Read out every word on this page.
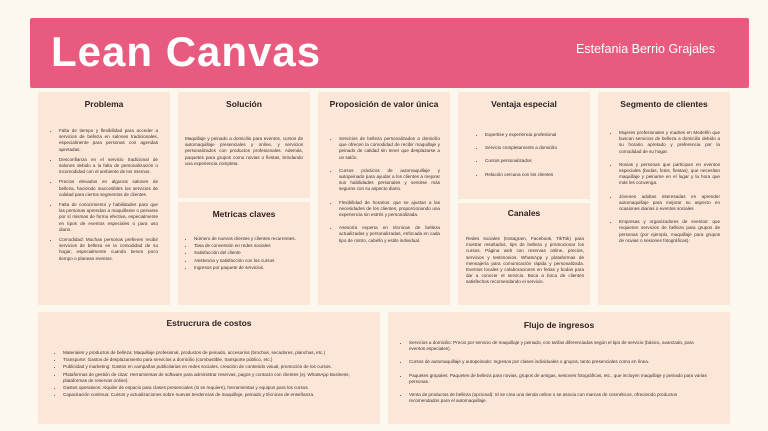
Lean Canvas	Estefania Berrio Grajales
Problema
• Falta de tiempo y flexibilidad para acceder a servicios de belleza en salones tradicionales, especialmente para personas con agendas apretadas.
• Desconfianza en el servicio tradicional de salones debido a la falta de personalización o incomodidad con el ambiente de los mismos.
• Precios elevados en algunos salones de belleza, haciendo inaccesibles los servicios de calidad para ciertos segmentos de clientes.
• Falta de conocimiento y habilidades para que las personas aprendan a maquillarse o peinarse por sí mismas de forma efectiva, especialmente en tipos de eventos especiales o para uso diario.
• Comodidad: Muchas personas prefieren recibir servicios de belleza en la comodidad de su hogar, especialmente cuando tienen poco tiempo o planean eventos.
Solución
Maquillaje y peinado a domicilio para eventos, cursos de automaquillaje presenciales y online, y servicios personalizados con productos profesionales. Además, paquetes para grupos como novias o fiestas, brindando una experiencia completa.
Metricas claves
• Número de nuevos clientes y clientes recurrentes.
• Tasa de conversión en redes sociales
• Satisfacción del cliente
• Asistencia y satisfacción con los cursos
• Ingresos por paquete de servicios.
Proposición de valor única
• Servicios de belleza personalizados a domicilio que ofrecen la comodidad de recibir maquillaje y peinado de calidad sin tener que desplazarse a un salón.
• Cursos prácticos de automaquillaje y autopeinado para ayudar a los clientes a mejorar sus habilidades personales y sentirse más seguros con su aspecto diario.
• Flexibilidad de horarios: que se ajustan a las necesidades de los clientes, proporcionando una experiencia sin estrés y personalizada.
• Asesoría experta en técnicas de belleza actualizadas y personalizadas, enfocada en cada tipo de rostro, cabello y estilo individual.
Ventaja especial
• Expertise y experiencia profesional
• Servicio completamente a domicilio
• Cursos personalizados
• Relación cercana con los clientes
Canales
Redes sociales (Instagram, Facebook, TikTok) para mostrar resultados, tips de belleza y promocionar los cursos. Página web con reservas online, precios, servicios y testimonios. WhatsApp y plataformas de mensajería para comunicación rápida y personalizada. Eventos locales y colaboraciones en ferias y bodas para dar a conocer el servicio. Boca a boca de clientes satisfechos recomendando el servicio.
Segmento de clientes
• Mujeres profesionales y madres en Medellín que buscan servicios de belleza a domicilio debido a su horario apretado y preferencia por la comodidad de su hogar.
• Novias y personas que participan en eventos especiales (bodas, fotos, fiestas), que necesitan maquillaje y peinarse en el lugar y la hora que más les convenga.
• Jóvenes adultas interesadas en aprender automaquillaje para mejorar su aspecto en ocasiones diarias o eventos sociales
• Empresas y organizadores de eventos: que requieren servicios de belleza para grupos de personas (por ejemplo, maquillaje para grupos de novias o sesiones fotográficas).
Estrucrura de costos
• Materiales y productos de belleza: Maquillaje profesional, productos de peinado, accesorios (brochas, secadores, planchas, etc.)
• Transporte: Gastos de desplazamiento para servicios a domicilio (combustible, transporte público, etc.)
• Publicidad y marketing: Gastos en campañas publicitarias en redes sociales, creación de contenido visual, promoción de los cursos.
• Plataformas de gestión de citas: Herramientas de software para administrar reservas, pagos y contacto con clientes (ej. WhatsApp Business, plataformas de reservas online).
• Gastos operativos: Alquiler de espacio para clases presenciales (si se requiere), herramientas y equipos para los cursos.
• Capacitación continua: Cursos y actualizaciones sobre nuevas tendencias de maquillaje, peinado y técnicas de enseñanza.
Flujo de ingresos
• Servicios a domicilio: Precio por servicio de maquillaje y peinado, con tarifas diferenciadas según el tipo de servicio (básico, avanzado, para eventos especiales).
• Cursos de automaquillaje y autopeinado: Ingresos por clases individuales o grupos, tanto presenciales como en línea.
• Paquetes grupales: Paquetes de belleza para novias, grupos de amigas, sesiones fotográficas, etc., que incluyen maquillaje y peinado para varias personas.
• Venta de productos de belleza (opcional): Si se crea una tienda online o se asocia con marcas de cosméticos, ofreciendo productos recomendados para el automaquillaje.
